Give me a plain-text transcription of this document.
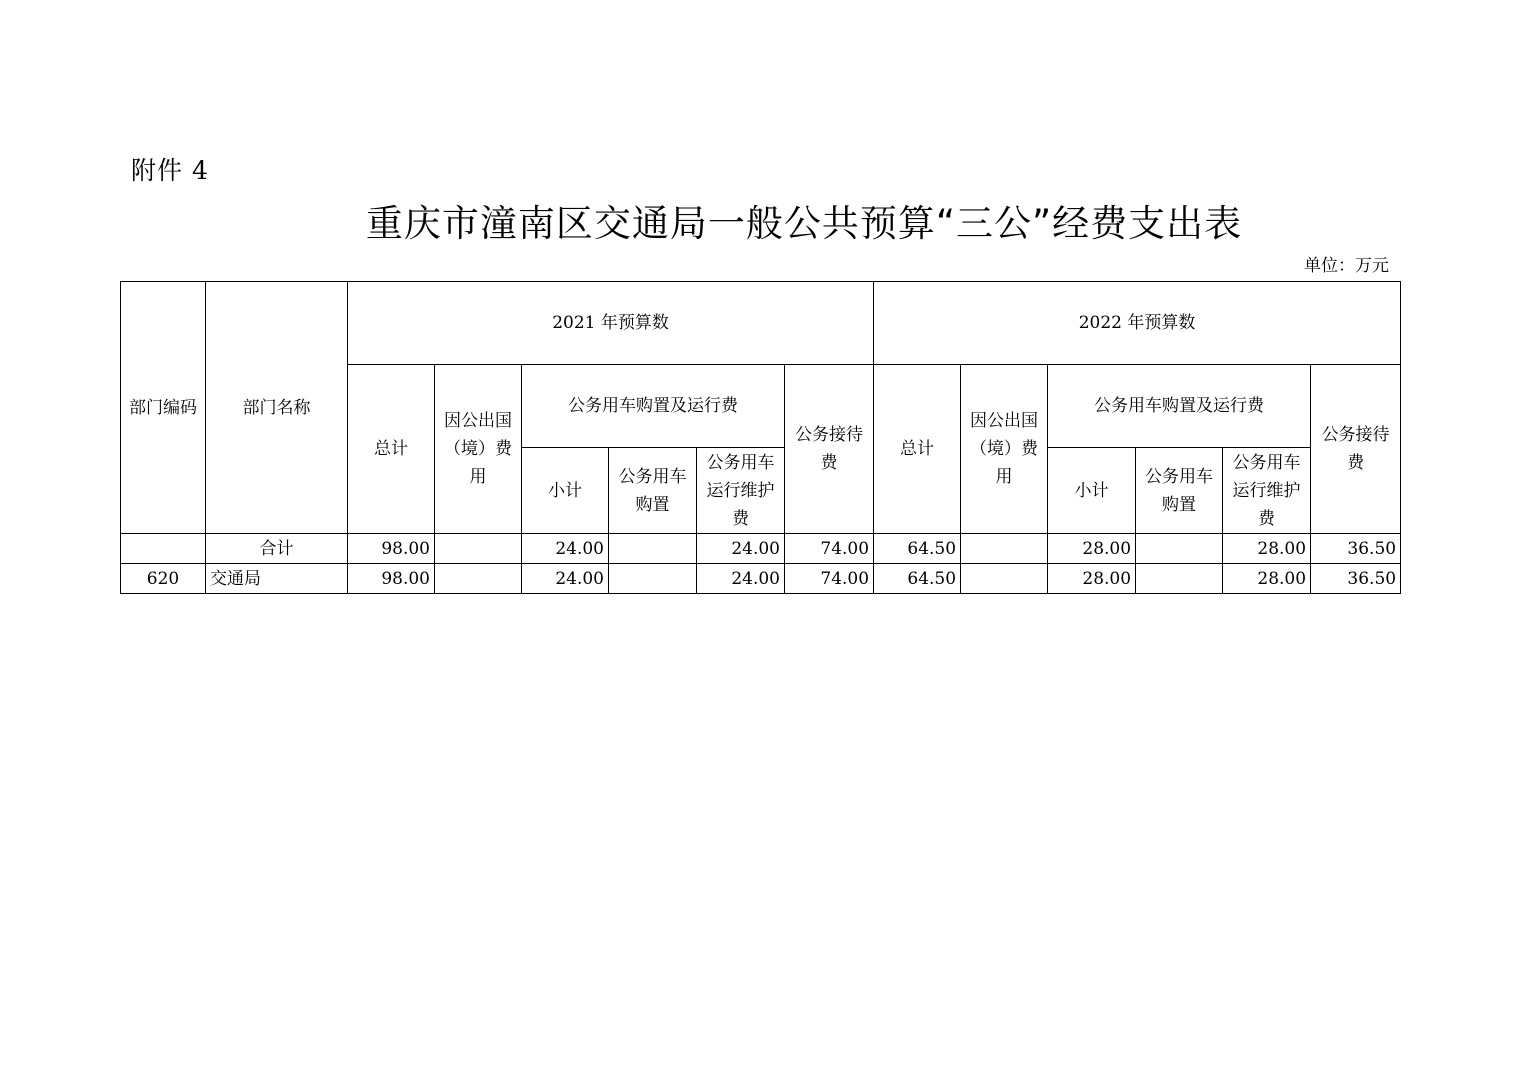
附件 4
重庆市潼南区交通局一般公共预算“三公”经费支出表
单位：万元
部门编码	部门名称	2021 年预算数						2022 年预算数					
		总计	因公出国（境）费用	公务用车购置及运行费			公务接待费	总计	因公出国（境）费用	公务用车购置及运行费			公务接待费
				小计	公务用车购置	公务用车运行维护费				小计	公务用车购置	公务用车运行维护费	
	合计	98.00		24.00		24.00	74.00	64.50		28.00		28.00	36.50
620	交通局	98.00		24.00		24.00	74.00	64.50		28.00		28.00	36.50
